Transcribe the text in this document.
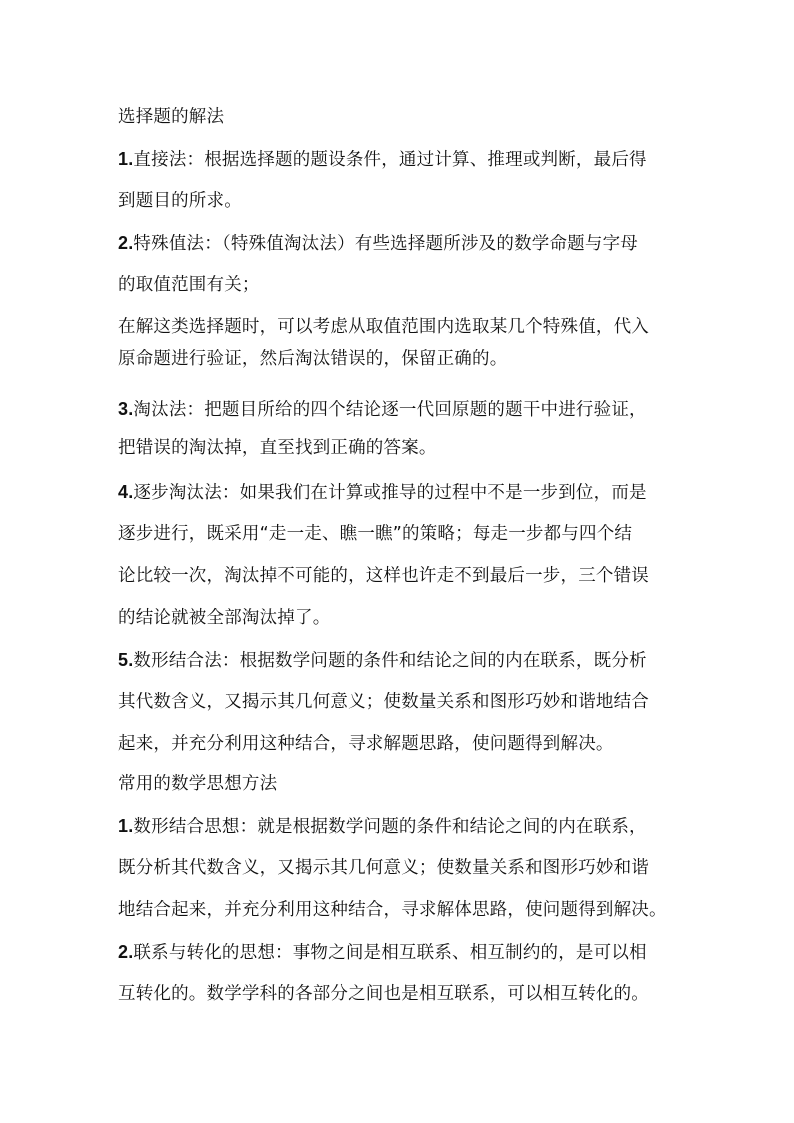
选择题的解法
1.直接法：根据选择题的题设条件，通过计算、推理或判断，最后得
到题目的所求。
2.特殊值法：（特殊值淘汰法）有些选择题所涉及的数学命题与字母
的取值范围有关；
在解这类选择题时，可以考虑从取值范围内选取某几个特殊值，代入
原命题进行验证，然后淘汰错误的，保留正确的。
3.淘汰法：把题目所给的四个结论逐一代回原题的题干中进行验证，
把错误的淘汰掉，直至找到正确的答案。
4.逐步淘汰法：如果我们在计算或推导的过程中不是一步到位，而是
逐步进行，既采用“走一走、瞧一瞧”的策略；每走一步都与四个结
论比较一次，淘汰掉不可能的，这样也许走不到最后一步，三个错误
的结论就被全部淘汰掉了。
5.数形结合法：根据数学问题的条件和结论之间的内在联系，既分析
其代数含义，又揭示其几何意义；使数量关系和图形巧妙和谐地结合
起来，并充分利用这种结合，寻求解题思路，使问题得到解决。
常用的数学思想方法
1.数形结合思想：就是根据数学问题的条件和结论之间的内在联系，
既分析其代数含义，又揭示其几何意义；使数量关系和图形巧妙和谐
地结合起来，并充分利用这种结合，寻求解体思路，使问题得到解决。
2.联系与转化的思想：事物之间是相互联系、相互制约的，是可以相
互转化的。数学学科的各部分之间也是相互联系，可以相互转化的。
